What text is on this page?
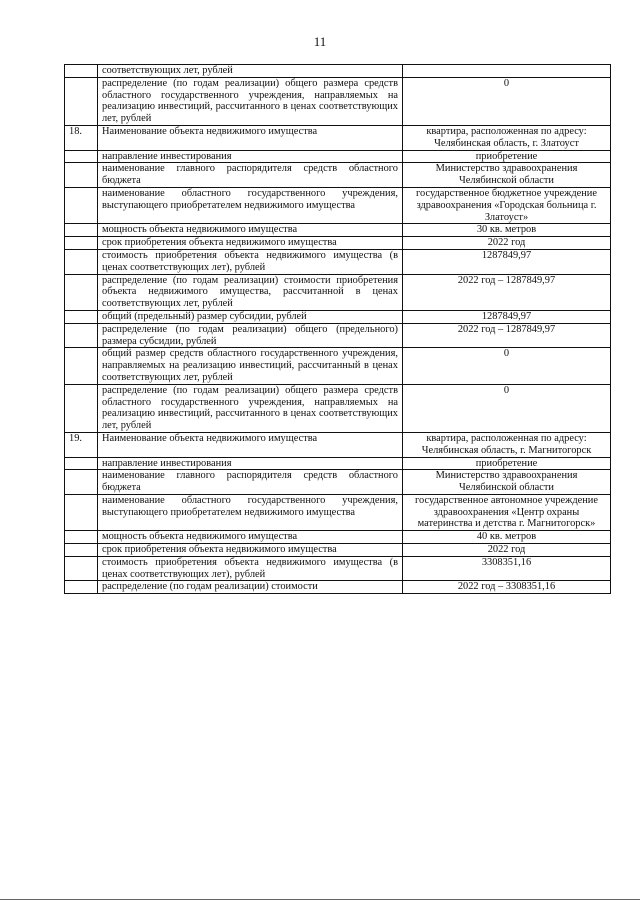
11
	соответствующих лет, рублей	
	распределение (по годам реализации) общего размера средств областного государственного учреждения, направляемых на реализацию инвестиций, рассчитанного в ценах соответствующих лет, рублей	0
18.	Наименование объекта недвижимого имущества	квартира, расположенная по адресу: Челябинская область, г. Златоуст
	направление инвестирования	приобретение
	наименование главного распорядителя средств областного бюджета	Министерство здравоохранения Челябинской области
	наименование областного государственного учреждения, выступающего приобретателем недвижимого имущества	государственное бюджетное учреждение здравоохранения «Городская больница г. Златоуст»
	мощность объекта недвижимого имущества	30 кв. метров
	срок приобретения объекта недвижимого имущества	2022 год
	стоимость приобретения объекта недвижимого имущества (в ценах соответствующих лет), рублей	1287849,97
	распределение (по годам реализации) стоимости приобретения объекта недвижимого имущества, рассчитанной в ценах соответствующих лет, рублей	2022 год – 1287849,97
	общий (предельный) размер субсидии, рублей	1287849,97
	распределение (по годам реализации) общего (предельного) размера субсидии, рублей	2022 год – 1287849,97
	общий размер средств областного государственного учреждения, направляемых на реализацию инвестиций, рассчитанный в ценах соответствующих лет, рублей	0
	распределение (по годам реализации) общего размера средств областного государственного учреждения, направляемых на реализацию инвестиций, рассчитанного в ценах соответствующих лет, рублей	0
19.	Наименование объекта недвижимого имущества	квартира, расположенная по адресу: Челябинская область, г. Магнитогорск
	направление инвестирования	приобретение
	наименование главного распорядителя средств областного бюджета	Министерство здравоохранения Челябинской области
	наименование областного государственного учреждения, выступающего приобретателем недвижимого имущества	государственное автономное учреждение здравоохранения «Центр охраны материнства и детства г. Магнитогорск»
	мощность объекта недвижимого имущества	40 кв. метров
	срок приобретения объекта недвижимого имущества	2022 год
	стоимость приобретения объекта недвижимого имущества (в ценах соответствующих лет), рублей	3308351,16
	распределение (по годам реализации) стоимости	2022 год – 3308351,16
